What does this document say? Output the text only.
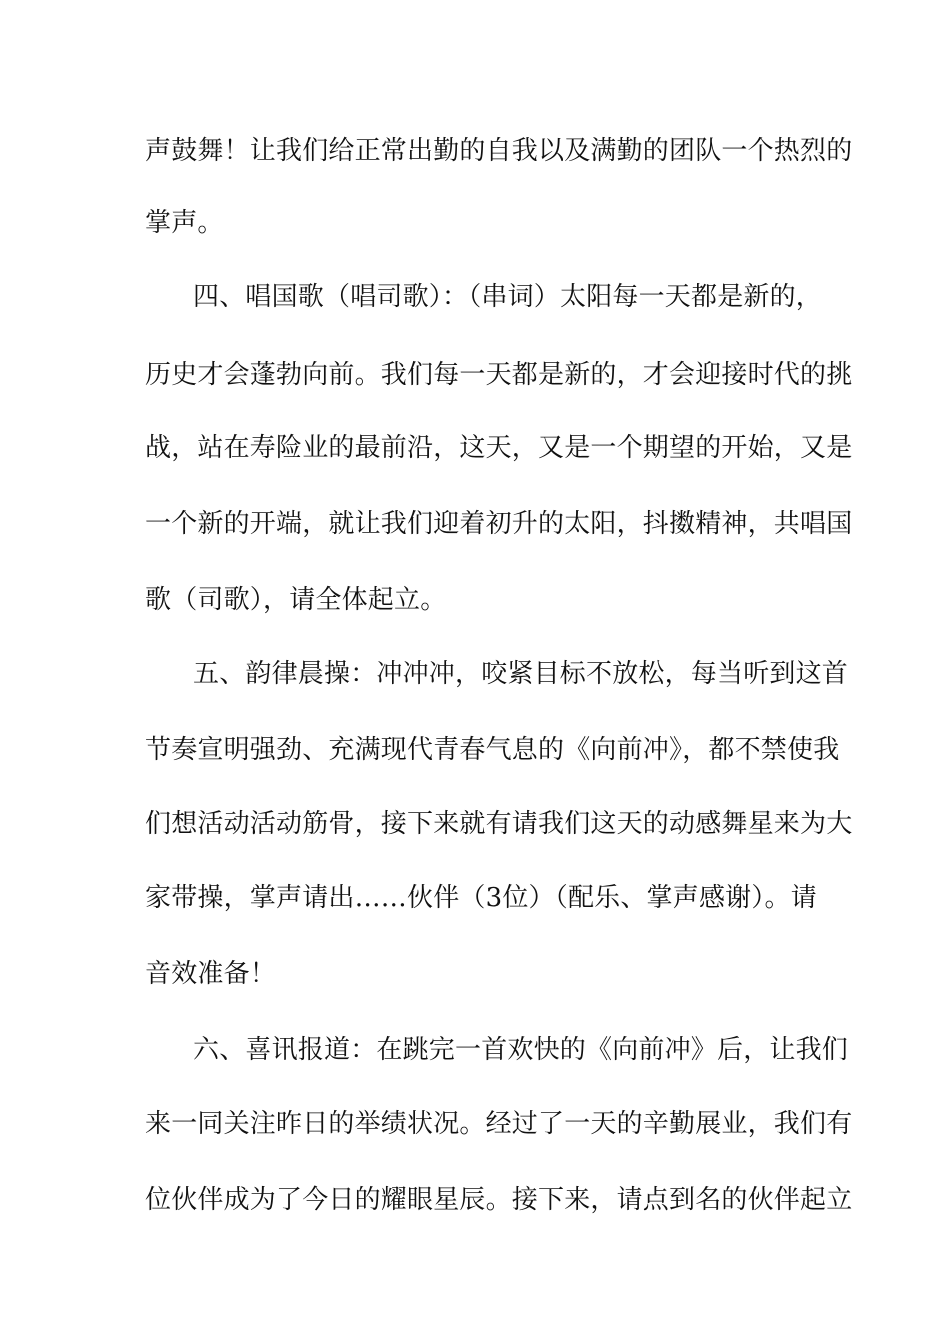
声鼓舞！让我们给正常出勤的自我以及满勤的团队一个热烈的
掌声。
四、唱国歌（唱司歌）：（串词）太阳每一天都是新的，
历史才会蓬勃向前。我们每一天都是新的，才会迎接时代的挑
战，站在寿险业的最前沿，这天，又是一个期望的开始，又是
一个新的开端，就让我们迎着初升的太阳，抖擞精神，共唱国
歌（司歌），请全体起立。
五、韵律晨操：冲冲冲，咬紧目标不放松，每当听到这首
节奏宣明强劲、充满现代青春气息的《向前冲》，都不禁使我
们想活动活动筋骨，接下来就有请我们这天的动感舞星来为大
家带操，掌声请出……伙伴（3位）（配乐、掌声感谢）。请
音效准备！
六、喜讯报道：在跳完一首欢快的《向前冲》后，让我们
来一同关注昨日的举绩状况。经过了一天的辛勤展业，我们有
位伙伴成为了今日的耀眼星辰。接下来，请点到名的伙伴起立
